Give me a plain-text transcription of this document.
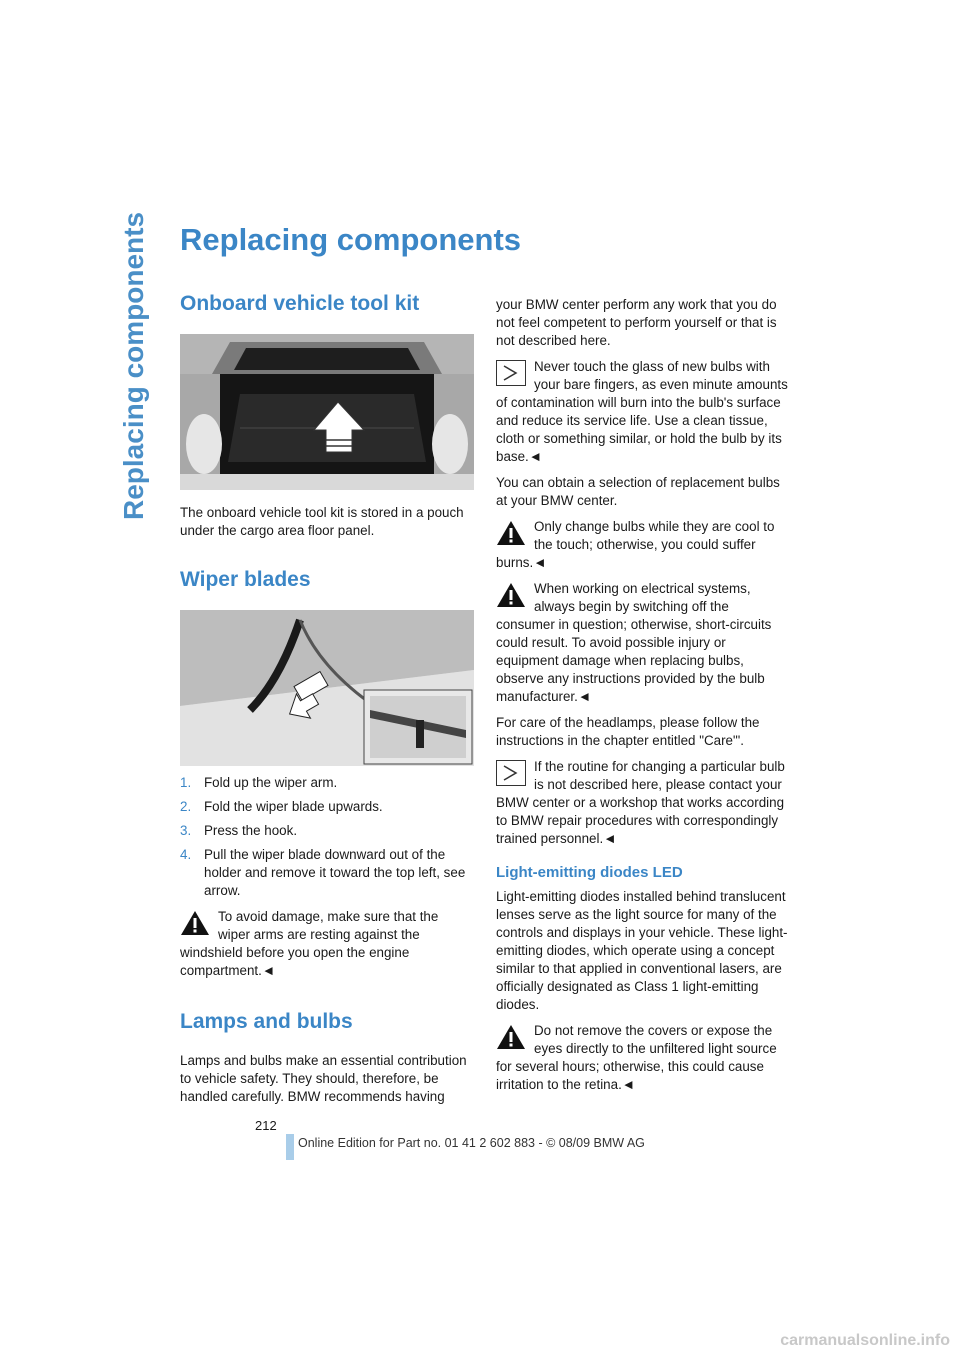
Replacing components Replacing components
Onboard vehicle tool kit

The onboard vehicle tool kit is stored in a pouch under the cargo area floor panel.

Wiper blades
1. Fold up the wiper arm.
2. Fold the wiper blade upwards.
3. Press the hook.
4. Pull the wiper blade downward out of the holder and remove it toward the top left, see arrow.
To avoid damage, make sure that the wiper arms are resting against the windshield before you open the engine compartment.◄
Lamps and bulbs

Lamps and bulbs make an essential contribution to vehicle safety. They should, therefore, be handled carefully. BMW recommends having

your BMW center perform any work that you do not feel competent to perform yourself or that is not described here.

Never touch the glass of new bulbs with your bare fingers, as even minute amounts of contamination will burn into the bulb's surface and reduce its service life. Use a clean tissue, cloth or something similar, or hold the bulb by its base.◄

You can obtain a selection of replacement bulbs at your BMW center.

Only change bulbs while they are cool to the touch; otherwise, you could suffer burns.◄
When working on electrical systems, always begin by switching off the consumer in question; otherwise, short-circuits could result. To avoid possible injury or equipment damage when replacing bulbs, observe any instructions provided by the bulb manufacturer.◄

For care of the headlamps, please follow the instructions in the chapter entitled "Care"'.

If the routine for changing a particular bulb is not described here, please contact your BMW center or a workshop that works according to BMW repair procedures with correspondingly trained personnel.◄
Light-emitting diodes LED

Light-emitting diodes installed behind translucent lenses serve as the light source for many of the controls and displays in your vehicle. These light-emitting diodes, which operate using a concept similar to that applied in conventional lasers, are officially designated as Class 1 light-emitting diodes.

Do not remove the covers or expose the eyes directly to the unfiltered light source for several hours; otherwise, this could cause irritation to the retina.◄
212
Online Edition for Part no. 01 41 2 602 883 - © 08/09 BMW AG
carmanualsonline.info
